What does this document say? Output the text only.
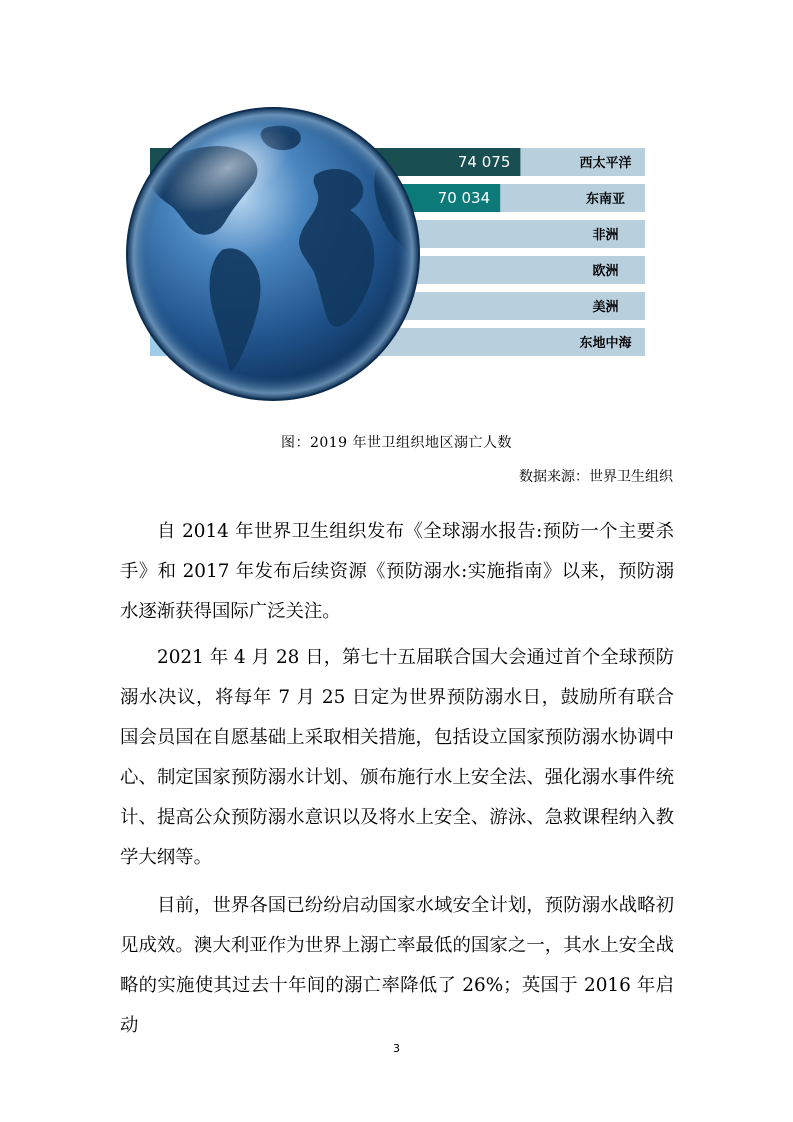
74 075	西太平洋
70 034	东南亚
非洲
欧洲
美洲
东地中海
图：2019 年世卫组织地区溺亡人数
数据来源：世界卫生组织

自 2014 年世界卫生组织发布《全球溺水报告:预防一个主要杀手》和 2017 年发布后续资源《预防溺水:实施指南》以来，预防溺水逐渐获得国际广泛关注。

2021 年 4 月 28 日，第七十五届联合国大会通过首个全球预防溺水决议，将每年 7 月 25 日定为世界预防溺水日，鼓励所有联合国会员国在自愿基础上采取相关措施，包括设立国家预防溺水协调中心、制定国家预防溺水计划、颁布施行水上安全法、强化溺水事件统计、提高公众预防溺水意识以及将水上安全、游泳、急救课程纳入教学大纲等。

目前，世界各国已纷纷启动国家水域安全计划，预防溺水战略初见成效。澳大利亚作为世界上溺亡率最低的国家之一，其水上安全战略的实施使其过去十年间的溺亡率降低了 26%；英国于 2016 年启动

3
